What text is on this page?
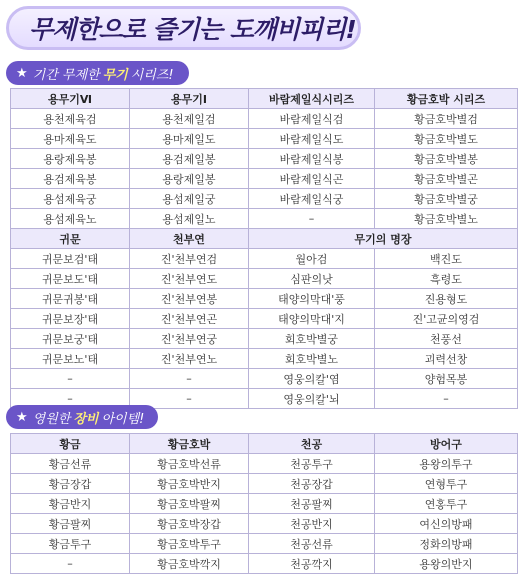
무제한으로 즐기는 도깨비피리!
★ 기간 무제한 무기 시리즈!
용무기Ⅵ	용무기Ⅰ	바람제일식시리즈	황금호박 시리즈
용천제육검	용천제일검	바람제일식검	황금호박별검
용마제육도	용마제일도	바람제일식도	황금호박별도
용랑제육봉	용검제일봉	바람제일식봉	황금호박별봉
용검제육봉	용랑제일봉	바람제일식곤	황금호박별곤
용섬제육궁	용섬제일궁	바람제일식궁	황금호박별궁
용섬제육노	용섬제일노	–	황금호박별노
귀문	천부연	무기의 명장	
귀문보검'태	진'천부연검	월아검	백진도
귀문보도'태	진'천부연도	심판의낫	흑령도
귀문귀봉'태	진'천부연봉	태양의막대'풍	진용형도
귀문보장'태	진'천부연곤	태양의막대'지	진'고균의영검
귀문보궁'태	진'천부연궁	회호박별궁	천풍선
귀문보노'태	진'천부연노	회호박별노	괴력선창
–	–	영웅의칼'염	양험목봉
–	–	영웅의칼'뇌	–
★ 영원한 장비 아이템!
황금	황금호박	천공	방어구
황금선류	황금호박선류	천공투구	용왕의투구
황금장갑	황금호박반지	천공장갑	연형투구
황금반지	황금호박팔찌	천공팔찌	연홍투구
황금팔찌	황금호박장갑	천공반지	여신의방패
황금투구	황금호박투구	천공선류	정화의방패
–	황금호박깍지	천공깍지	용왕의반지
